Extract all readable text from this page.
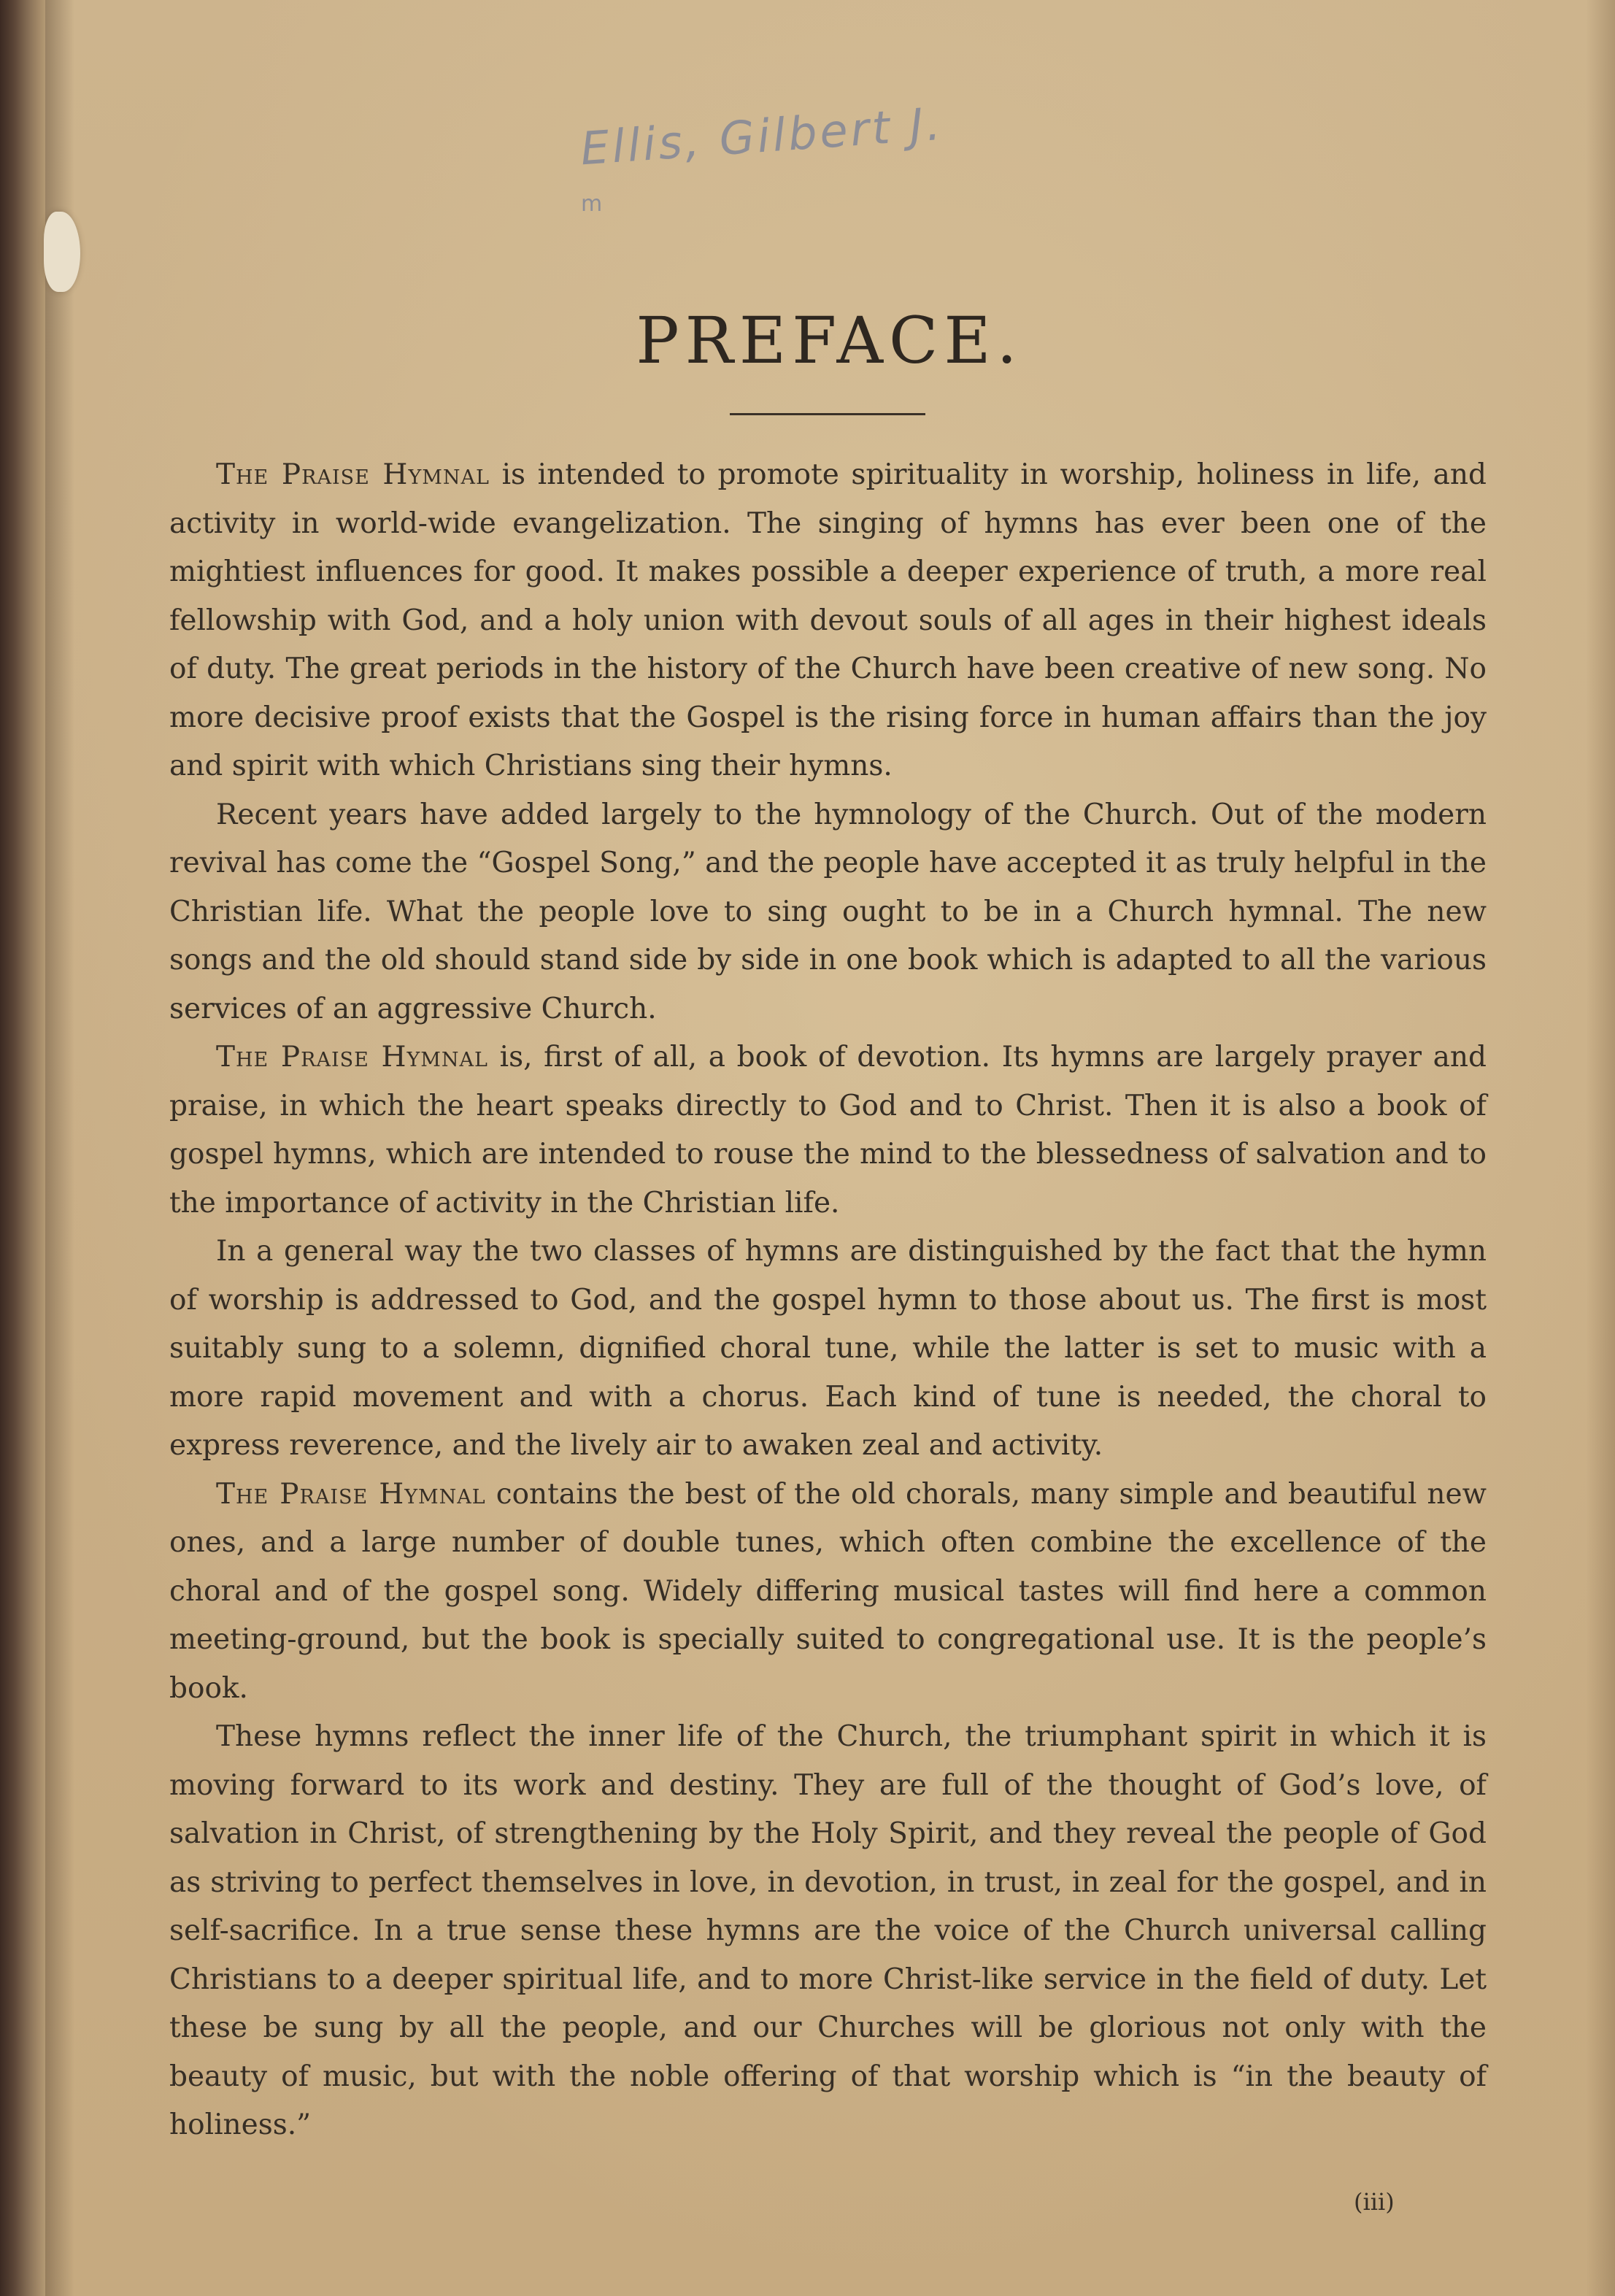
Ellis, Gilbert J.
m
PREFACE.

The Praise Hymnal is intended to promote spirituality in worship, holiness in life, and activity in world-wide evangelization. The singing of hymns has ever been one of the mightiest influences for good. It makes possible a deeper experience of truth, a more real fellowship with God, and a holy union with devout souls of all ages in their highest ideals of duty. The great periods in the history of the Church have been creative of new song. No more decisive proof exists that the Gospel is the rising force in human affairs than the joy and spirit with which Christians sing their hymns.

Recent years have added largely to the hymnology of the Church. Out of the modern revival has come the “Gospel Song,” and the people have accepted it as truly helpful in the Christian life. What the people love to sing ought to be in a Church hymnal. The new songs and the old should stand side by side in one book which is adapted to all the various services of an aggressive Church.

The Praise Hymnal is, first of all, a book of devotion. Its hymns are largely prayer and praise, in which the heart speaks directly to God and to Christ. Then it is also a book of gospel hymns, which are intended to rouse the mind to the blessedness of salvation and to the importance of activity in the Christian life.

In a general way the two classes of hymns are distinguished by the fact that the hymn of worship is addressed to God, and the gospel hymn to those about us. The first is most suitably sung to a solemn, dignified choral tune, while the latter is set to music with a more rapid movement and with a chorus. Each kind of tune is needed, the choral to express reverence, and the lively air to awaken zeal and activity.

The Praise Hymnal contains the best of the old chorals, many simple and beautiful new ones, and a large number of double tunes, which often combine the excellence of the choral and of the gospel song. Widely differing musical tastes will find here a common meeting-ground, but the book is specially suited to congregational use. It is the people’s book.

These hymns reflect the inner life of the Church, the triumphant spirit in which it is moving forward to its work and destiny. They are full of the thought of God’s love, of salvation in Christ, of strengthening by the Holy Spirit, and they reveal the people of God as striving to perfect themselves in love, in devotion, in trust, in zeal for the gospel, and in self-sacrifice. In a true sense these hymns are the voice of the Church universal calling Christians to a deeper spiritual life, and to more Christ-like service in the field of duty. Let these be sung by all the people, and our Churches will be glorious not only with the beauty of music, but with the noble offering of that worship which is “in the beauty of holiness.”

(iii)
